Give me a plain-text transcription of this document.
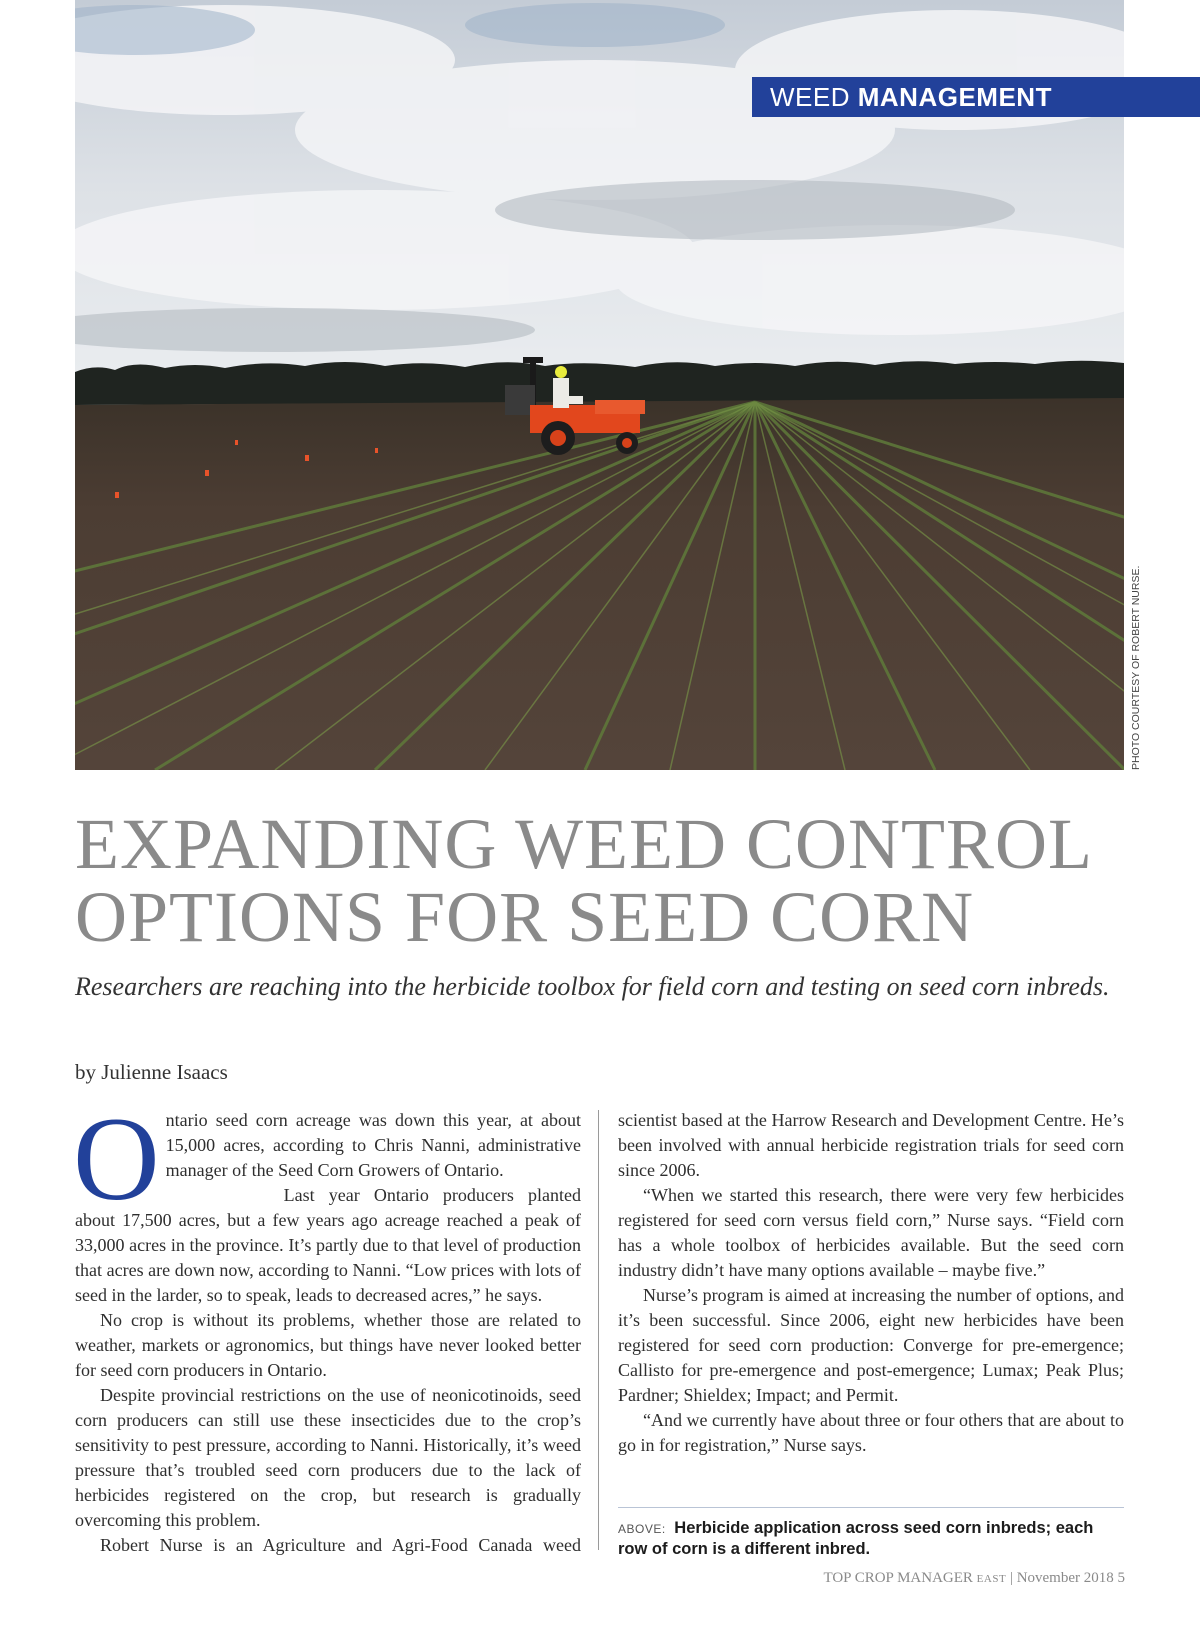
WEED MANAGEMENT
PHOTO COURTESY OF ROBERT NURSE.
EXPANDING WEED CONTROL
OPTIONS FOR SEED CORN
Researchers are reaching into the herbicide toolbox for field corn and testing on seed corn inbreds.
by Julienne Isaacs

Ontario seed corn acreage was down this year, at about 15,000 acres, according to Chris Nanni, administrative manager of the Seed Corn Growers of Ontario.

Last year Ontario producers planted about 17,500 acres, but a few years ago acreage reached a peak of 33,000 acres in the province. It’s partly due to that level of production that acres are down now, according to Nanni. “Low prices with lots of seed in the larder, so to speak, leads to decreased acres,” he says.

No crop is without its problems, whether those are related to weather, markets or agronomics, but things have never looked better for seed corn producers in Ontario.

Despite provincial restrictions on the use of neonicotinoids, seed corn producers can still use these insecticides due to the crop’s sensitivity to pest pressure, according to Nanni. Historically, it’s weed pressure that’s troubled seed corn producers due to the lack of herbicides registered on the crop, but research is gradually overcoming this problem.

Robert Nurse is an Agriculture and Agri-Food Canada weed

scientist based at the Harrow Research and Development Centre. He’s been involved with annual herbicide registration trials for seed corn since 2006.

“When we started this research, there were very few herbicides registered for seed corn versus field corn,” Nurse says. “Field corn has a whole toolbox of herbicides available. But the seed corn industry didn’t have many options available – maybe five.”

Nurse’s program is aimed at increasing the number of options, and it’s been successful. Since 2006, eight new herbicides have been registered for seed corn production: Converge for pre-emergence; Callisto for pre-emergence and post-emergence; Lumax; Peak Plus; Pardner; Shieldex; Impact; and Permit.

“And we currently have about three or four others that are about to go in for registration,” Nurse says.

ABOVE: Herbicide application across seed corn inbreds; each row of corn is a different inbred.
TOP CROP MANAGER EAST | November 2018 5
